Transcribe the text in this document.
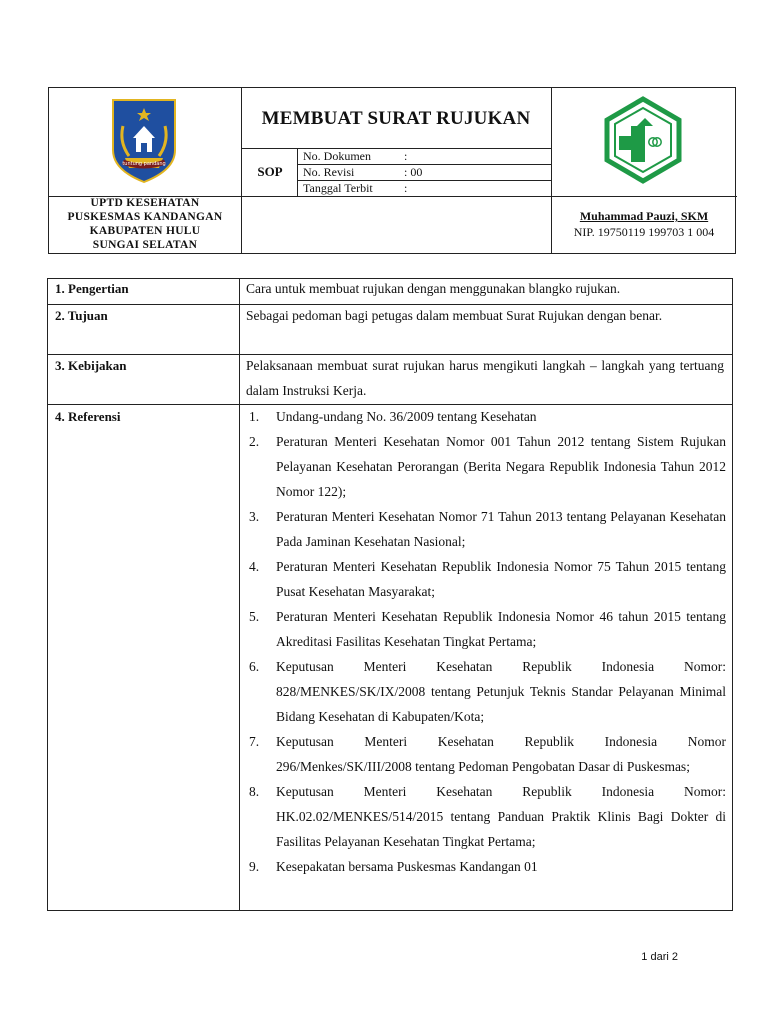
tuntung pandang
MEMBUAT SURAT RUJUKAN
SOP
No. Dokumen	:
No. Revisi	: 00
Tanggal Terbit	:
UPTD KESEHATAN
PUSKESMAS KANDANGAN
KABUPATEN HULU
SUNGAI SELATAN
Muhammad Pauzi, SKM
NIP. 19750119 199703 1 004
1. Pengertian	Cara untuk membuat rujukan dengan menggunakan blangko rujukan.
2. Tujuan	Sebagai pedoman bagi petugas dalam membuat Surat Rujukan dengan benar.
3. Kebijakan	Pelaksanaan membuat surat rujukan harus mengikuti langkah – langkah yang tertuang dalam Instruksi Kerja.
4. Referensi	1. Undang-undang No. 36/2009 tentang Kesehatan
2. Peraturan Menteri Kesehatan Nomor 001 Tahun 2012 tentang Sistem Rujukan Pelayanan Kesehatan Perorangan (Berita Negara Republik Indonesia Tahun 2012 Nomor 122);
3. Peraturan Menteri Kesehatan Nomor 71 Tahun 2013 tentang Pelayanan Kesehatan Pada Jaminan Kesehatan Nasional;
4. Peraturan Menteri Kesehatan Republik Indonesia Nomor 75 Tahun 2015 tentang Pusat Kesehatan Masyarakat;
5. Peraturan Menteri Kesehatan Republik Indonesia Nomor 46 tahun 2015 tentang Akreditasi Fasilitas Kesehatan Tingkat Pertama;
6. Keputusan Menteri Kesehatan Republik Indonesia Nomor: 828/MENKES/SK/IX/2008 tentang Petunjuk Teknis Standar Pelayanan Minimal Bidang Kesehatan di Kabupaten/Kota;
7. Keputusan Menteri Kesehatan Republik Indonesia Nomor 296/Menkes/SK/III/2008 tentang Pedoman Pengobatan Dasar di Puskesmas;
8. Keputusan Menteri Kesehatan Republik Indonesia Nomor: HK.02.02/MENKES/514/2015 tentang Panduan Praktik Klinis Bagi Dokter di Fasilitas Pelayanan Kesehatan Tingkat Pertama;
9. Kesepakatan bersama Puskesmas Kandangan 01
1 dari 2
